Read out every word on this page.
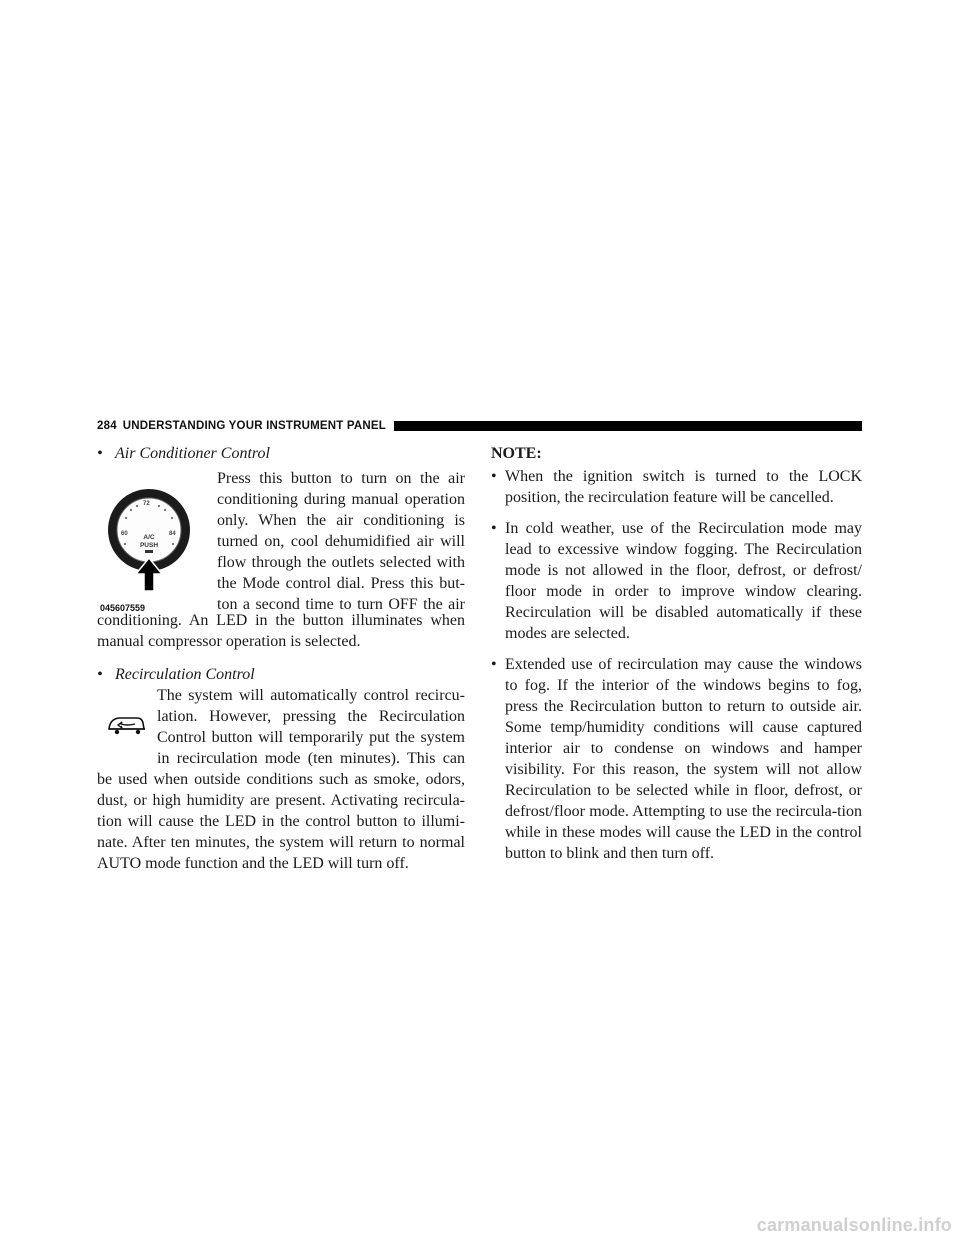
284 UNDERSTANDING YOUR INSTRUMENT PANEL
• Air Conditioner Control
72
60	84
A/C
PUSH
045607559
Press this button to turn on the air
conditioning during manual operation
only. When the air conditioning is
turned on, cool dehumidified air will
flow through the outlets selected with
the Mode control dial. Press this but-
ton a second time to turn OFF the air

conditioning. An LED in the button illuminates when manual compressor operation is selected.

• Recirculation Control
The system will automatically control recircu-
lation. However, pressing the Recirculation
Control button will temporarily put the system
in recirculation mode (ten minutes). This can

be used when outside conditions such as smoke, odors, dust, or high humidity are present. Activating recircula-tion will cause the LED in the control button to illumi-nate. After ten minutes, the system will return to normal AUTO mode function and the LED will turn off.

NOTE:
• When the ignition switch is turned to the LOCK position, the recirculation feature will be cancelled.
• In cold weather, use of the Recirculation mode may lead to excessive window fogging. The Recirculation mode is not allowed in the floor, defrost, or defrost/ floor mode in order to improve window clearing. Recirculation will be disabled automatically if these modes are selected.
• Extended use of recirculation may cause the windows to fog. If the interior of the windows begins to fog, press the Recirculation button to return to outside air. Some temp/humidity conditions will cause captured interior air to condense on windows and hamper visibility. For this reason, the system will not allow Recirculation to be selected while in floor, defrost, or defrost/floor mode. Attempting to use the recircula-tion while in these modes will cause the LED in the control button to blink and then turn off.
carmanualsonline.info
